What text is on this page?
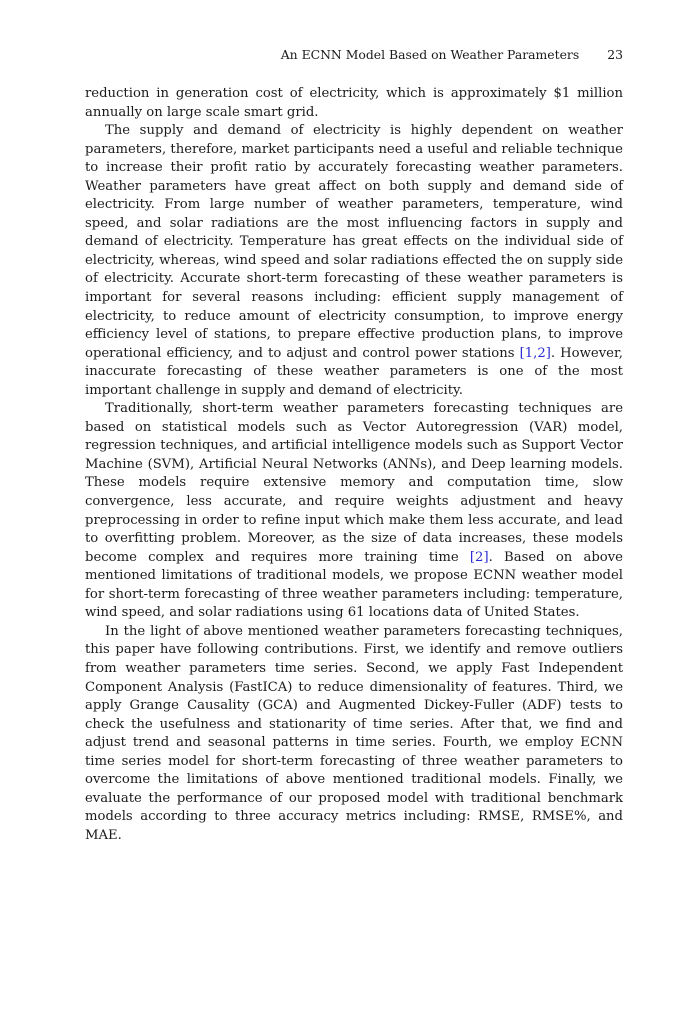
An ECNN Model Based on Weather Parameters 23

reduction in generation cost of electricity, which is approximately $1 million annually on large scale smart grid.

The supply and demand of electricity is highly dependent on weather parameters, therefore, market participants need a useful and reliable technique to increase their profit ratio by accurately forecasting weather parameters. Weather parameters have great affect on both supply and demand side of electricity. From large number of weather parameters, temperature, wind speed, and solar radiations are the most influencing factors in supply and demand of electricity. Temperature has great effects on the individual side of electricity, whereas, wind speed and solar radiations effected the on supply side of electricity. Accurate short-term forecasting of these weather parameters is important for several reasons including: efficient supply management of electricity, to reduce amount of electricity consumption, to improve energy efficiency level of stations, to prepare effective production plans, to improve operational efficiency, and to adjust and control power stations [1,2]. However, inaccurate forecasting of these weather parameters is one of the most important challenge in supply and demand of electricity.

Traditionally, short-term weather parameters forecasting techniques are based on statistical models such as Vector Autoregression (VAR) model, regression techniques, and artificial intelligence models such as Support Vector Machine (SVM), Artificial Neural Networks (ANNs), and Deep learning models. These models require extensive memory and computation time, slow convergence, less accurate, and require weights adjustment and heavy preprocessing in order to refine input which make them less accurate, and lead to overfitting problem. Moreover, as the size of data increases, these models become complex and requires more training time [2]. Based on above mentioned limitations of traditional models, we propose ECNN weather model for short-term forecasting of three weather parameters including: temperature, wind speed, and solar radiations using 61 locations data of United States.

In the light of above mentioned weather parameters forecasting techniques, this paper have following contributions. First, we identify and remove outliers from weather parameters time series. Second, we apply Fast Independent Component Analysis (FastICA) to reduce dimensionality of features. Third, we apply Grange Causality (GCA) and Augmented Dickey-Fuller (ADF) tests to check the usefulness and stationarity of time series. After that, we find and adjust trend and seasonal patterns in time series. Fourth, we employ ECNN time series model for short-term forecasting of three weather parameters to overcome the limitations of above mentioned traditional models. Finally, we evaluate the performance of our proposed model with traditional benchmark models according to three accuracy metrics including: RMSE, RMSE%, and MAE.
